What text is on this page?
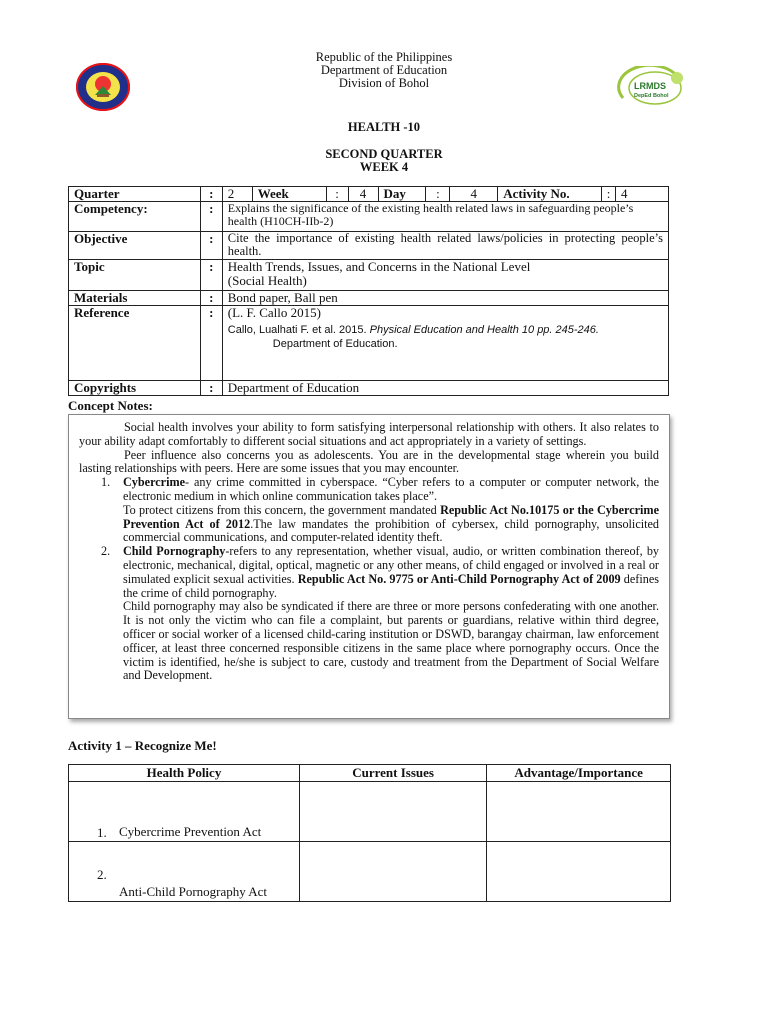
Republic of the Philippines
Department of Education
Division of Bohol
HEALTH -10
SECOND QUARTER
WEEK 4
LRMDS
DepEd Bohol
Quarter	:	2	Week	:	4	Day	:	4	Activity No.	:	4
Competency:	:	Explains the significance of the existing health related laws in safeguarding people’s health (H10CH-IIb-2)									
Objective	:	Cite the importance of existing health related laws/policies in protecting people’s health.									
Topic	:	Health Trends, Issues, and Concerns in the National Level
(Social Health)									

Materials	:	Bond paper, Ball pen									
Reference	:	(L. F. Callo 2015)
Callo, Lualhati F. et al. 2015. Physical Education and Health 10 pp. 245-246.
Department of Education.									

Copyrights	:	Department of Education									
Concept Notes:

Social health involves your ability to form satisfying interpersonal relationship with others. It also relates to your ability adapt comfortably to different social situations and act appropriately in a variety of settings.

Peer influence also concerns you as adolescents. You are in the developmental stage wherein you build lasting relationships with peers. Here are some issues that you may encounter.

1. Cybercrime- any crime committed in cyberspace. “Cyber refers to a computer or computer network, the electronic medium in which online communication takes place”.

To protect citizens from this concern, the government mandated Republic Act No.10175 or the Cybercrime Prevention Act of 2012.The law mandates the prohibition of cybersex, child pornography, unsolicited commercial communications, and computer-related identity theft.

2. Child Pornography-refers to any representation, whether visual, audio, or written combination thereof, by electronic, mechanical, digital, optical, magnetic or any other means, of child engaged or involved in a real or simulated explicit sexual activities. Republic Act No. 9775 or Anti-Child Pornography Act of 2009 defines the crime of child pornography.

Child pornography may also be syndicated if there are three or more persons confederating with one another. It is not only the victim who can file a complaint, but parents or guardians, relative within third degree, officer or social worker of a licensed child-caring institution or DSWD, barangay chairman, law enforcement officer, at least three concerned responsible citizens in the same place where pornography occurs. Once the victim is identified, he/she is subject to care, custody and treatment from the Department of Social Welfare and Development.

Activity 1 – Recognize Me!
Health Policy	Current Issues	Advantage/Importance

1. Cybercrime Prevention Act		

2.
Anti-Child Pornography Act		
